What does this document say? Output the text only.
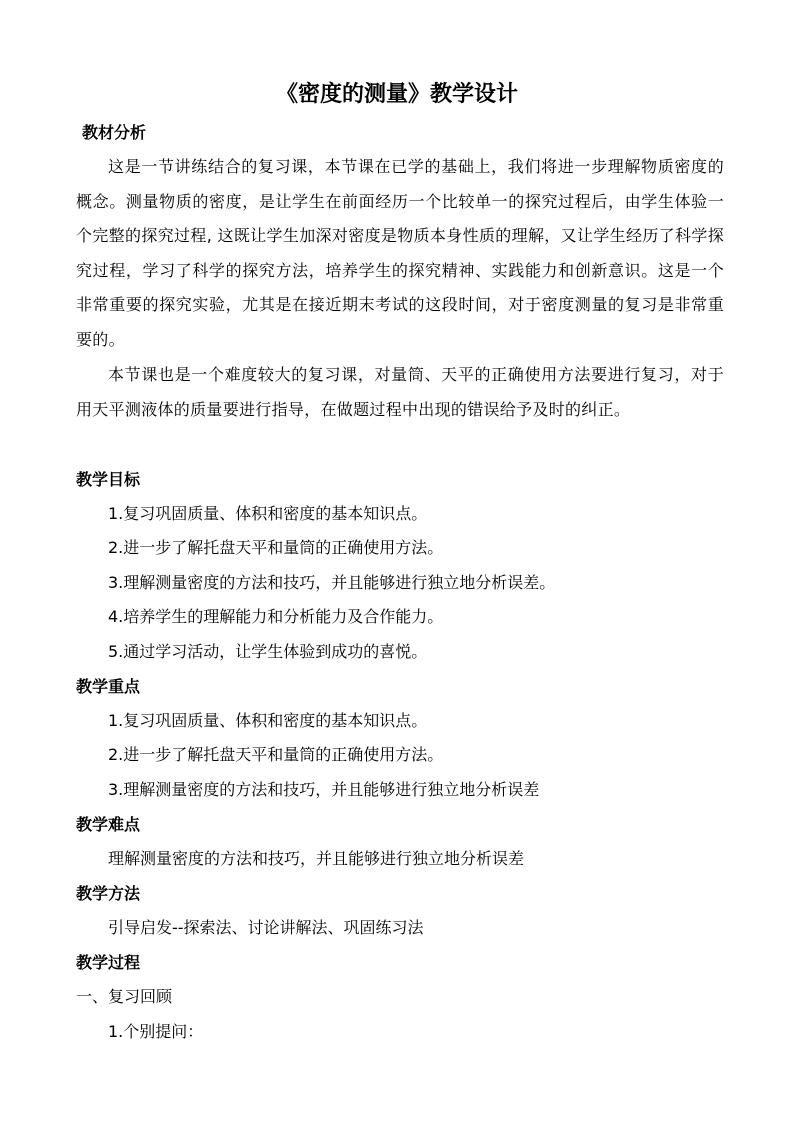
《密度的测量》教学设计
教材分析

这是一节讲练结合的复习课，本节课在已学的基础上，我们将进一步理解物质密度的概念。测量物质的密度，是让学生在前面经历一个比较单一的探究过程后，由学生体验一个完整的探究过程, 这既让学生加深对密度是物质本身性质的理解，又让学生经历了科学探究过程，学习了科学的探究方法，培养学生的探究精神、实践能力和创新意识。这是一个非常重要的探究实验，尤其是在接近期末考试的这段时间，对于密度测量的复习是非常重要的。

本节课也是一个难度较大的复习课，对量筒、天平的正确使用方法要进行复习，对于用天平测液体的质量要进行指导，在做题过程中出现的错误给予及时的纠正。

教学目标

1.复习巩固质量、体积和密度的基本知识点。

2.进一步了解托盘天平和量筒的正确使用方法。

3.理解测量密度的方法和技巧，并且能够进行独立地分析误差。

4.培养学生的理解能力和分析能力及合作能力。

5.通过学习活动，让学生体验到成功的喜悦。

教学重点

1.复习巩固质量、体积和密度的基本知识点。

2.进一步了解托盘天平和量筒的正确使用方法。

3.理解测量密度的方法和技巧，并且能够进行独立地分析误差

教学难点

理解测量密度的方法和技巧，并且能够进行独立地分析误差

教学方法

引导启发--探索法、讨论讲解法、巩固练习法

教学过程

一、复习回顾

1.个别提问：
